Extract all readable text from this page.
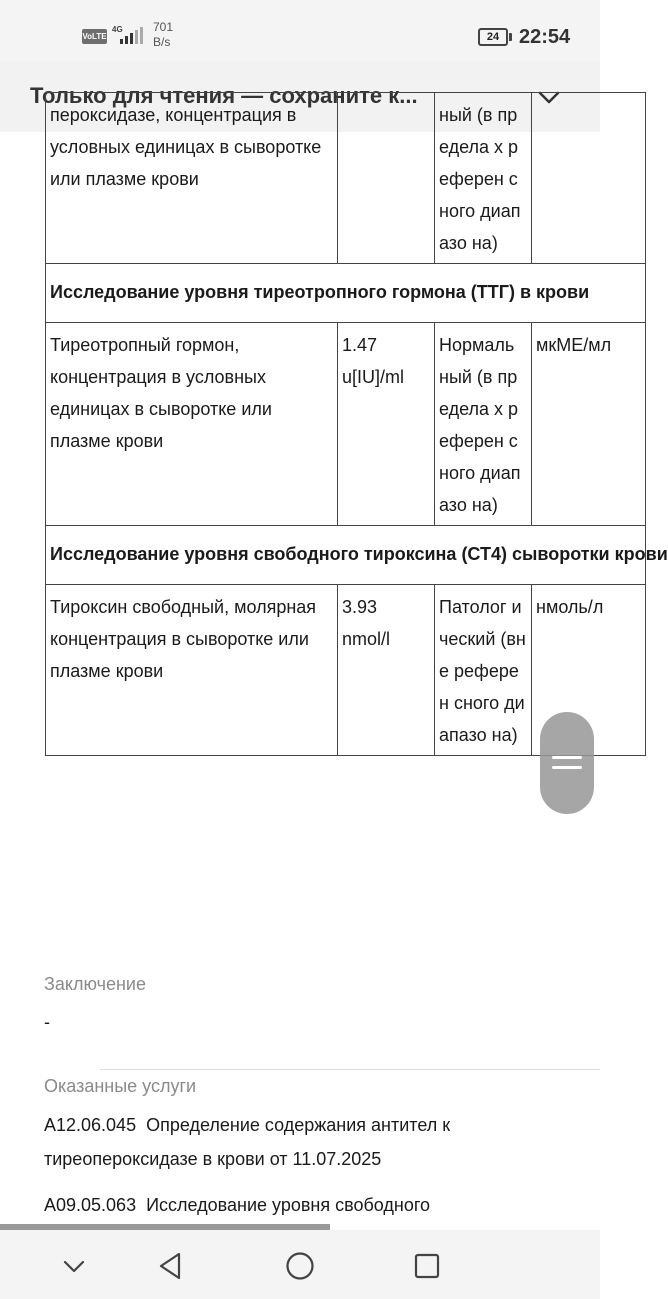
VoLTE
4G	701
B/s	24 22:54
Только для чтения — сохраните к...
пероксидазе, концентрация в условных единицах в сыворотке или плазме крови		ный (в предела х референ сного диапазо на)	
Исследование уровня тиреотропного гормона (ТТГ) в крови			
Тиреотропный гормон, концентрация в условных единицах в сыворотке или плазме крови	1.47 u[IU]/ml	Нормаль ный (в предела х референ сного диапазо на)	мкМЕ/мл
Исследование уровня свободного тироксина (СТ4) сыворотки крови			
Тироксин свободный, молярная концентрация в сыворотке или плазме крови	3.93 nmol/l	Патолог ический (вне референ сного диапазо на)	нмоль/л
Заключение
-
Оказанные услуги
A12.06.045  Определение содержания антител к тиреопероксидазе в крови от 11.07.2025
A09.05.063  Исследование уровня свободного
